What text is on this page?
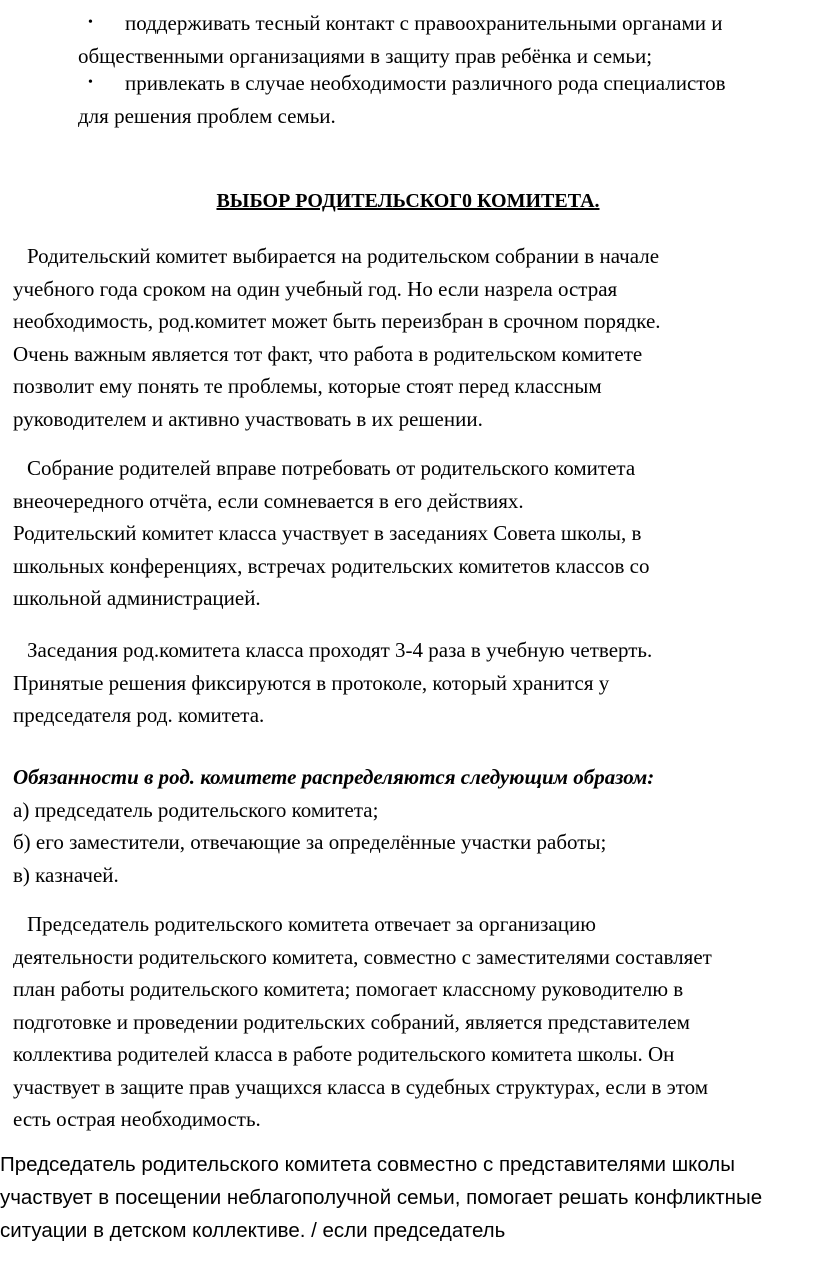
•	поддерживать тесный контакт с правоохранительными органами и
общественными организациями в защиту прав ребёнка и семьи;
•	привлекать в случае необходимости различного рода специалистов
для решения проблем семьи.
ВЫБОР РОДИТЕЛЬСКОГ0 КОМИТЕТА.
Родительский комитет выбирается на родительском собрании в начале
учебного года сроком на один учебный год. Но если назрела острая
необходимость, род.комитет может быть переизбран в срочном порядке.
Очень важным является тот факт, что работа в родительском комитете
позволит ему понять те проблемы, которые стоят перед классным
руководителем и активно участвовать в их решении.
Собрание родителей вправе потребовать от родительского комитета
внеочередного отчёта, если сомневается в его действиях.
Родительский комитет класса участвует в заседаниях Совета школы, в
школьных конференциях, встречах родительских комитетов классов со
школьной администрацией.
Заседания род.комитета класса проходят 3-4 раза в учебную четверть.
Принятые решения фиксируются в протоколе, который хранится у
председателя род. комитета.
Обязанности в род. комитете распределяются следующим образом:
а) председатель родительского комитета;
б) его заместители, отвечающие за определённые участки работы;
в) казначей.
Председатель родительского комитета отвечает за организацию
деятельности родительского комитета, совместно с заместителями составляет
план работы родительского комитета; помогает классному руководителю в
подготовке и проведении родительских собраний, является представителем
коллектива родителей класса в работе родительского комитета школы. Он
участвует в защите прав учащихся класса в судебных структурах, если в этом
есть острая необходимость.
Председатель родительского комитета совместно с представителями школы
участвует в посещении неблагополучной семьи, помогает решать конфликтные
ситуации в детском коллективе. / если председатель
